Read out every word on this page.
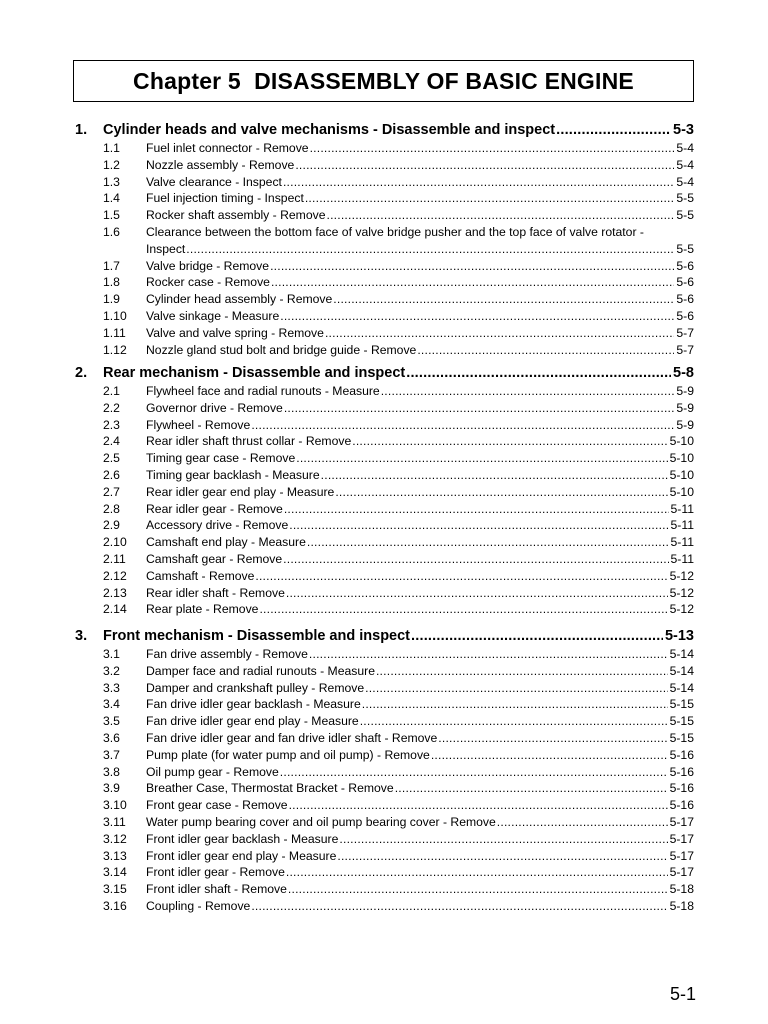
Chapter 5  DISASSEMBLY OF BASIC ENGINE
1.	Cylinder heads and valve mechanisms - Disassemble and inspect .....	5-3
1.1	Fuel inlet connector - Remove .....	5-4
1.2	Nozzle assembly - Remove .....	5-4
1.3	Valve clearance - Inspect .....	5-4
1.4	Fuel injection timing - Inspect .....	5-5
1.5	Rocker shaft assembly - Remove .....	5-5
1.6	Clearance between the bottom face of valve bridge pusher and the top face of valve rotator -
Inspect .....	5-5
1.7	Valve bridge - Remove .....	5-6
1.8	Rocker case - Remove .....	5-6
1.9	Cylinder head assembly - Remove .....	5-6
1.10	Valve sinkage - Measure .....	5-6
1.11	Valve and valve spring - Remove .....	5-7
1.12	Nozzle gland stud bolt and bridge guide - Remove .....	5-7
2.	Rear mechanism - Disassemble and inspect .....	5-8
2.1	Flywheel face and radial runouts - Measure .....	5-9
2.2	Governor drive - Remove .....	5-9
2.3	Flywheel - Remove .....	5-9
2.4	Rear idler shaft thrust collar - Remove .....	5-10
2.5	Timing gear case - Remove .....	5-10
2.6	Timing gear backlash - Measure .....	5-10
2.7	Rear idler gear end play - Measure .....	5-10
2.8	Rear idler gear - Remove .....	5-11
2.9	Accessory drive - Remove .....	5-11
2.10	Camshaft end play - Measure .....	5-11
2.11	Camshaft gear - Remove .....	5-11
2.12	Camshaft - Remove .....	5-12
2.13	Rear idler shaft - Remove .....	5-12
2.14	Rear plate - Remove .....	5-12
3.	Front mechanism - Disassemble and inspect .....	5-13
3.1	Fan drive assembly - Remove .....	5-14
3.2	Damper face and radial runouts - Measure .....	5-14
3.3	Damper and crankshaft pulley - Remove .....	5-14
3.4	Fan drive idler gear backlash - Measure .....	5-15
3.5	Fan drive idler gear end play - Measure .....	5-15
3.6	Fan drive idler gear and fan drive idler shaft - Remove .....	5-15
3.7	Pump plate (for water pump and oil pump) - Remove .....	5-16
3.8	Oil pump gear - Remove .....	5-16
3.9	Breather Case, Thermostat Bracket - Remove .....	5-16
3.10	Front gear case - Remove .....	5-16
3.11	Water pump bearing cover and oil pump bearing cover - Remove .....	5-17
3.12	Front idler gear backlash - Measure .....	5-17
3.13	Front idler gear end play - Measure .....	5-17
3.14	Front idler gear - Remove .....	5-17
3.15	Front idler shaft - Remove .....	5-18
3.16	Coupling - Remove .....	5-18
5-1
